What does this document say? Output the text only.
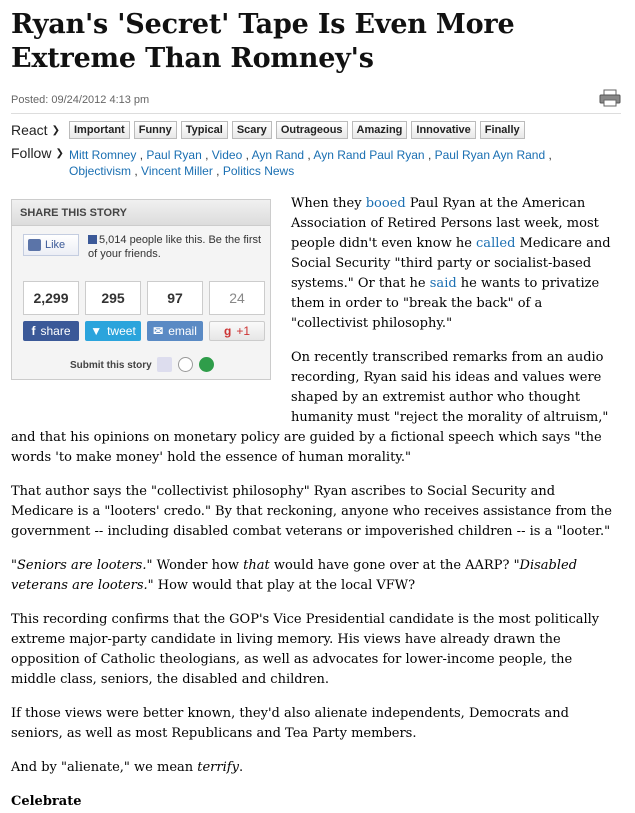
Ryan's 'Secret' Tape Is Even More Extreme Than Romney's
Posted: 09/24/2012 4:13 pm
React ❯	Important	Funny	Typical	Scary	Outrageous	Amazing	Innovative	Finally
Follow ❯ Mitt Romney , Paul Ryan , Video , Ayn Rand , Ayn Rand Paul Ryan , Paul Ryan Ayn Rand ,
Objectivism , Vincent Miller , Politics News

When they booed Paul Ryan at the American Association of Retired Persons last week, most people didn't even know he called Medicare and Social Security "third party or socialist-based systems." Or that he said he wants to privatize them in order to "break the back" of a "collectivist philosophy."

On recently transcribed remarks from an audio recording, Ryan said his ideas and values were shaped by an extremist author who thought humanity must "reject the morality of altruism," and that his opinions on monetary policy are guided by a fictional speech which says "the words 'to make money' hold the essence of human morality."

That author says the "collectivist philosophy" Ryan ascribes to Social Security and Medicare is a "looters' credo." By that reckoning, anyone who receives assistance from the government -- including disabled combat veterans or impoverished children -- is a "looter."

"Seniors are looters." Wonder how that would have gone over at the AARP? "Disabled veterans are looters." How would that play at the local VFW?

This recording confirms that the GOP's Vice Presidential candidate is the most politically extreme major-party candidate in living memory. His views have already drawn the opposition of Catholic theologians, as well as advocates for lower-income people, the middle class, seniors, the disabled and children.

If those views were better known, they'd also alienate independents, Democrats and seniors, as well as most Republicans and Tea Party members.

And by "alienate," we mean terrify.

Celebrate

SHARE THIS STORY
Like	5,014 people like this. Be the first of your friends.
2,299	295	97	24
f share ▼ tweet ✉ email g +1
Submit this story
